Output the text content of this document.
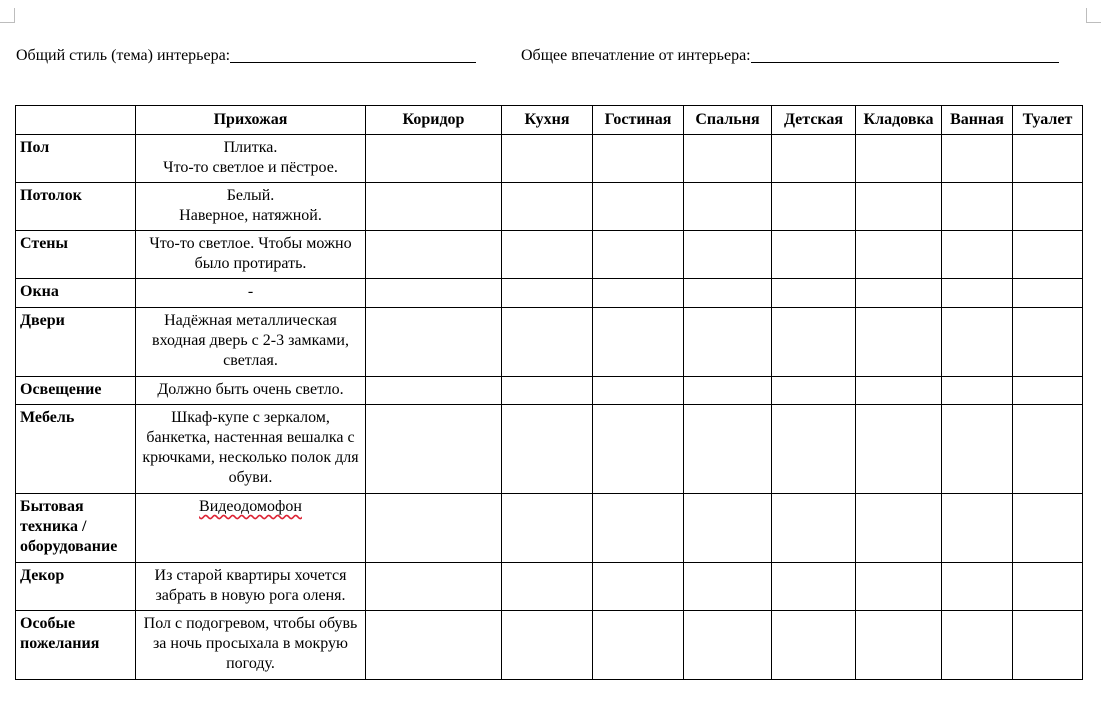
Общий стиль (тема) интерьера:	Общее впечатление от интерьера:
	Прихожая	Коридор	Кухня	Гостиная	Спальня	Детская	Кладовка	Ванная	Туалет
Пол	Плитка.
Что-то светлое и пёстрое.								
Потолок	Белый.
Наверное, натяжной.								
Стены	Что-то светлое. Чтобы можно было протирать.								
Окна	-								
Двери	Надёжная металлическая входная дверь с 2-3 замками, светлая.								
Освещение	Должно быть очень светло.								
Мебель	Шкаф-купе с зеркалом, банкетка, настенная вешалка с крючками, несколько полок для обуви.								
Бытовая техника / оборудование	Видеодомофон								
Декор	Из старой квартиры хочется забрать в новую рога оленя.								
Особые пожелания	Пол с подогревом, чтобы обувь за ночь просыхала в мокрую погоду.								
